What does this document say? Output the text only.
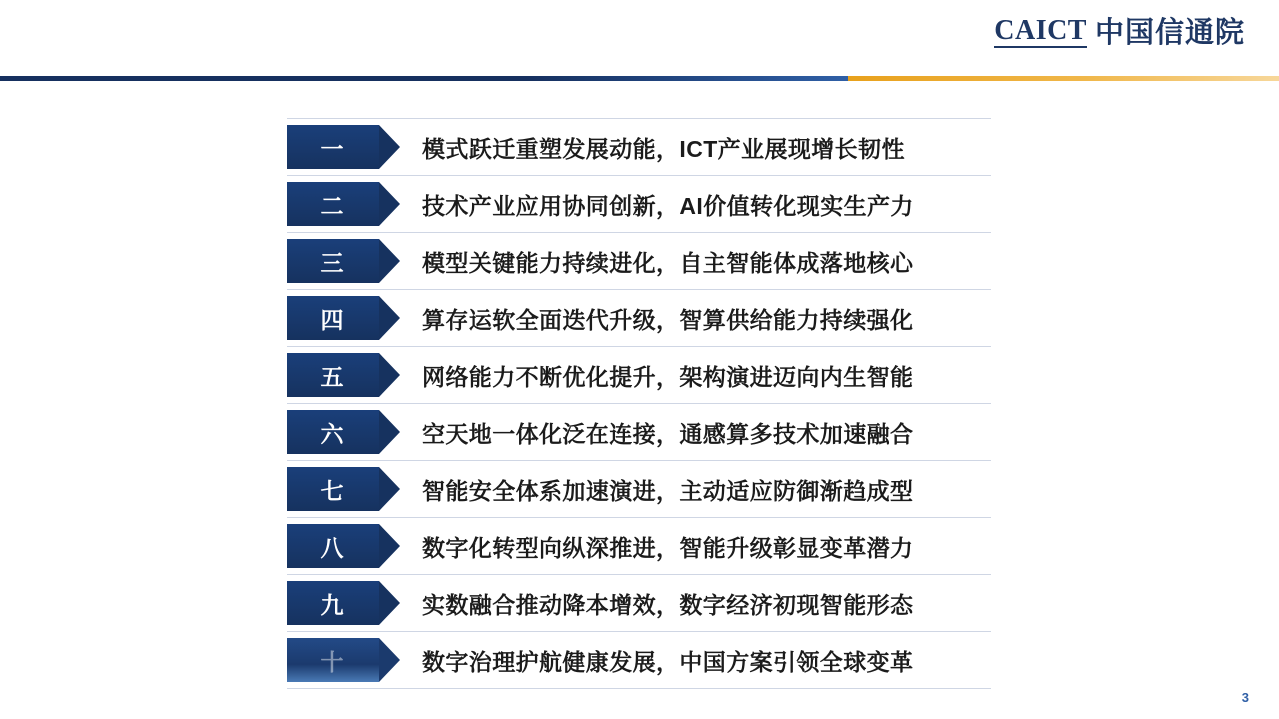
CAICT 中国信通院
一	模式跃迁重塑发展动能，ICT产业展现增长韧性
二	技术产业应用协同创新，AI价值转化现实生产力
三	模型关键能力持续进化，自主智能体成落地核心
四	算存运软全面迭代升级，智算供给能力持续强化
五	网络能力不断优化提升，架构演进迈向内生智能
六	空天地一体化泛在连接，通感算多技术加速融合
七	智能安全体系加速演进，主动适应防御渐趋成型
八	数字化转型向纵深推进，智能升级彰显变革潜力
九	实数融合推动降本增效，数字经济初现智能形态
十	数字治理护航健康发展，中国方案引领全球变革
3
